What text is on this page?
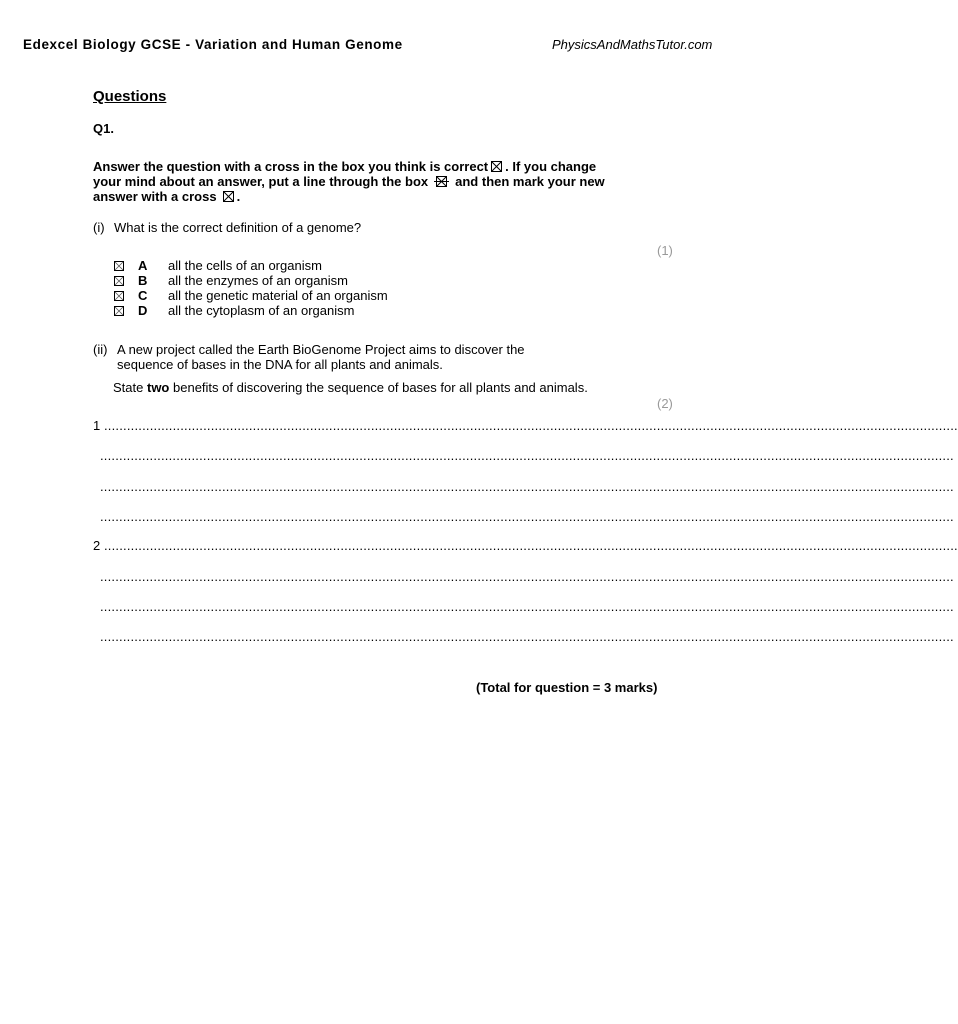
Edexcel Biology GCSE - Variation and Human Genome	PhysicsAndMathsTutor.com
Questions
Q1.
Answer the question with a cross in the box you think is correct ☒ . If you change
your mind about an answer, put a line through the box and then mark your new
answer with a cross ☒ .
(i) What is the correct definition of a genome?
(1)
A all the cells of an organism
B all the enzymes of an organism
C all the genetic material of an organism
D all the cytoplasm of an organism
(ii) A new project called the Earth BioGenome Project aims to discover the
sequence of bases in the DNA for all plants and animals.
State two benefits of discovering the sequence of bases for all plants and animals.
(2)
1 ................................................................................................................................................................................................................................
................................................................................................................................................................................................................................
................................................................................................................................................................................................................................
................................................................................................................................................................................................................................
2 ................................................................................................................................................................................................................................
................................................................................................................................................................................................................................
................................................................................................................................................................................................................................
................................................................................................................................................................................................................................
(Total for question = 3 marks)
